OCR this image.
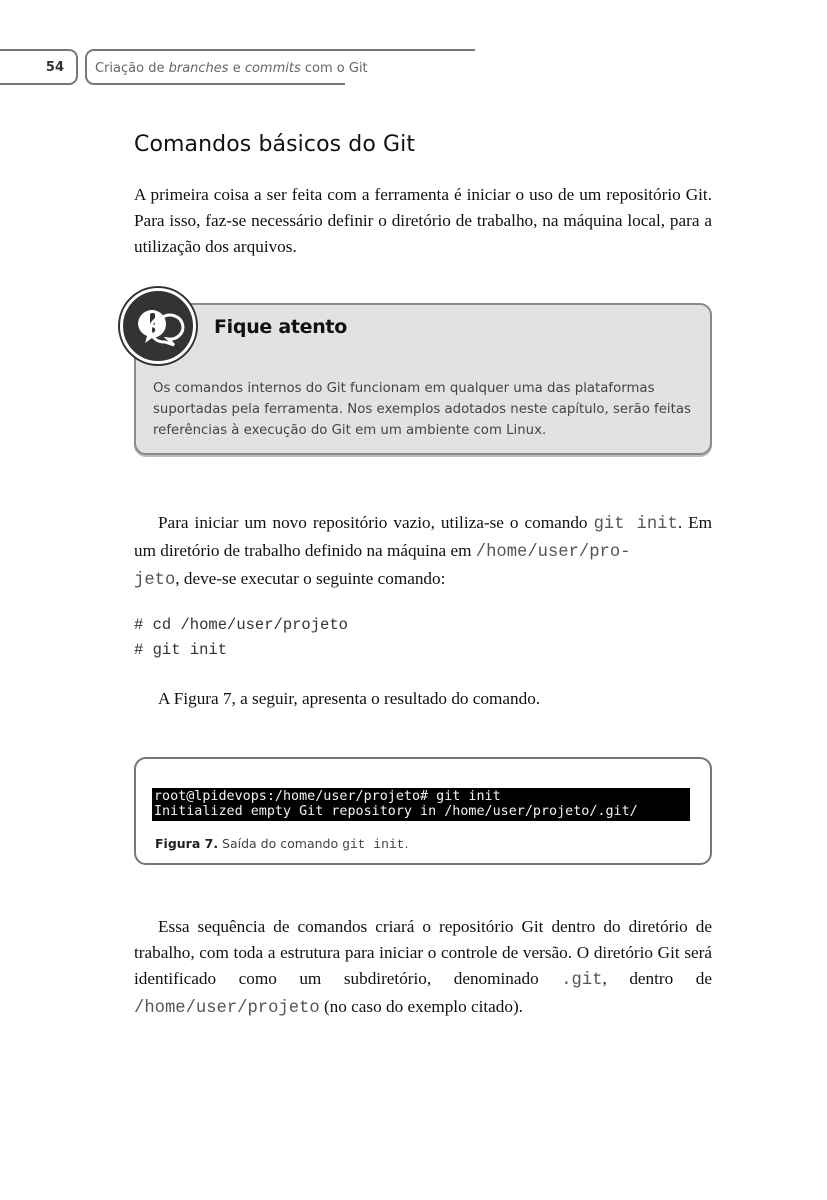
54	Criação de branches e commits com o Git
Comandos básicos do Git

A primeira coisa a ser feita com a ferramenta é iniciar o uso de um repositório Git. Para isso, faz-se necessário definir o diretório de trabalho, na máquina local, para a utilização dos arquivos.

Fique atento

Os comandos internos do Git funcionam em qualquer uma das plataformas suportadas pela ferramenta. Nos exemplos adotados neste capítulo, serão feitas referências à execução do Git em um ambiente com Linux.

Para iniciar um novo repositório vazio, utiliza-se o comando git init. Em um diretório de trabalho definido na máquina em /home/user/pro-
jeto, deve-se executar o seguinte comando:

# cd /home/user/projeto
# git init

A Figura 7, a seguir, apresenta o resultado do comando.

root@lpidevops:/home/user/projeto# git init
Initialized empty Git repository in /home/user/projeto/.git/
Figura 7. Saída do comando git init.

Essa sequência de comandos criará o repositório Git dentro do diretório de trabalho, com toda a estrutura para iniciar o controle de versão. O diretório Git será identificado como um subdiretório, denominado .git, dentro de /home/user/projeto (no caso do exemplo citado).
